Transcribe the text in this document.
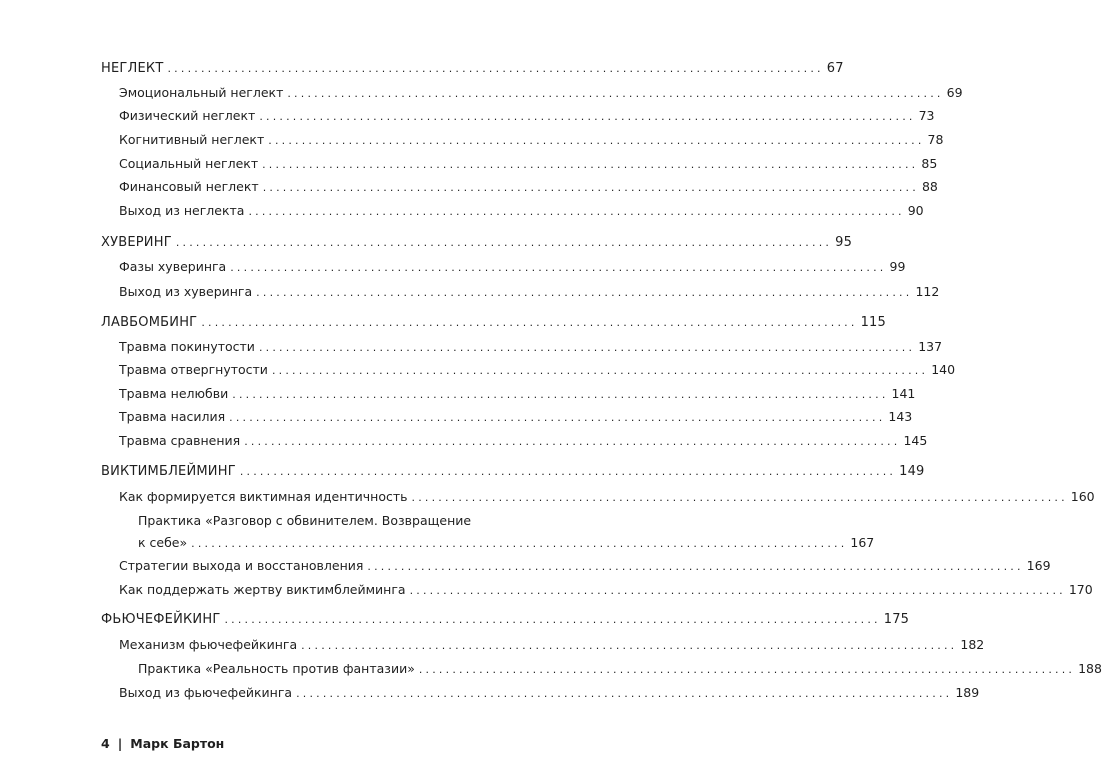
НЕГЛЕКТ .................................................................................................. 67
Эмоциональный неглект .................................................................................................. 69
Физический неглект .................................................................................................. 73
Когнитивный неглект .................................................................................................. 78
Социальный неглект .................................................................................................. 85
Финансовый неглект .................................................................................................. 88
Выход из неглекта .................................................................................................. 90
ХУВЕРИНГ .................................................................................................. 95
Фазы хуверинга .................................................................................................. 99
Выход из хуверинга .................................................................................................. 112
ЛАВБОМБИНГ .................................................................................................. 115
Травма покинутости .................................................................................................. 137
Травма отвергнутости .................................................................................................. 140
Травма нелюбви .................................................................................................. 141
Травма насилия .................................................................................................. 143
Травма сравнения .................................................................................................. 145
ВИКТИМБЛЕЙМИНГ .................................................................................................. 149
Как формируется виктимная идентичность .................................................................................................. 160
Практика «Разговор с обвинителем. Возвращение
к себе» .................................................................................................. 167
Стратегии выхода и восстановления .................................................................................................. 169
Как поддержать жертву виктимблейминга .................................................................................................. 170
ФЬЮЧЕФЕЙКИНГ .................................................................................................. 175
Механизм фьючефейкинга .................................................................................................. 182
Практика «Реальность против фантазии» .................................................................................................. 188
Выход из фьючефейкинга .................................................................................................. 189
4 | Марк Бартон
